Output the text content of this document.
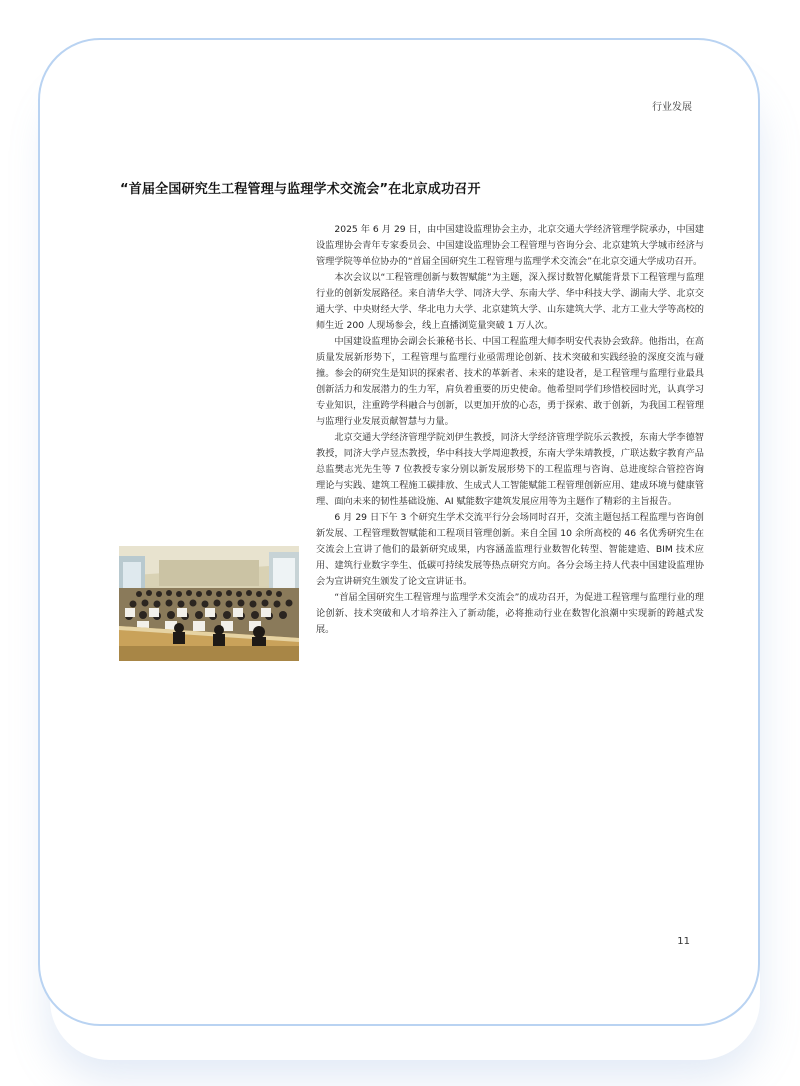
行业发展
“首届全国研究生工程管理与监理学术交流会”在北京成功召开

2025 年 6 月 29 日，由中国建设监理协会主办，北京交通大学经济管理学院承办，中国建设监理协会青年专家委员会、中国建设监理协会工程管理与咨询分会、北京建筑大学城市经济与管理学院等单位协办的“首届全国研究生工程管理与监理学术交流会”在北京交通大学成功召开。

本次会议以“工程管理创新与数智赋能”为主题，深入探讨数智化赋能背景下工程管理与监理行业的创新发展路径。来自清华大学、同济大学、东南大学、华中科技大学、湖南大学、北京交通大学、中央财经大学、华北电力大学、北京建筑大学、山东建筑大学、北方工业大学等高校的师生近 200 人现场参会，线上直播浏览量突破 1 万人次。

中国建设监理协会副会长兼秘书长、中国工程监理大师李明安代表协会致辞。他指出，在高质量发展新形势下，工程管理与监理行业亟需理论创新、技术突破和实践经验的深度交流与碰撞。参会的研究生是知识的探索者、技术的革新者、未来的建设者，是工程管理与监理行业最具创新活力和发展潜力的生力军，肩负着重要的历史使命。他希望同学们珍惜校园时光，认真学习专业知识，注重跨学科融合与创新，以更加开放的心态，勇于探索、敢于创新，为我国工程管理与监理行业发展贡献智慧与力量。

北京交通大学经济管理学院刘伊生教授，同济大学经济管理学院乐云教授，东南大学李德智教授，同济大学卢昱杰教授，华中科技大学周迎教授，东南大学朱靖教授，广联达数字教育产品总监樊志光先生等 7 位教授专家分别以新发展形势下的工程监理与咨询、总进度综合管控咨询理论与实践、建筑工程施工碳排放、生成式人工智能赋能工程管理创新应用、建成环境与健康管理、面向未来的韧性基础设施、AI 赋能数字建筑发展应用等为主题作了精彩的主旨报告。

6 月 29 日下午 3 个研究生学术交流平行分会场同时召开，交流主题包括工程监理与咨询创新发展、工程管理数智赋能和工程项目管理创新。来自全国 10 余所高校的 46 名优秀研究生在交流会上宣讲了他们的最新研究成果，内容涵盖监理行业数智化转型、智能建造、BIM 技术应用、建筑行业数字孪生、低碳可持续发展等热点研究方向。各分会场主持人代表中国建设监理协会为宣讲研究生颁发了论文宣讲证书。

“首届全国研究生工程管理与监理学术交流会”的成功召开，为促进工程管理与监理行业的理论创新、技术突破和人才培养注入了新动能，必将推动行业在数智化浪潮中实现新的跨越式发展。

11
